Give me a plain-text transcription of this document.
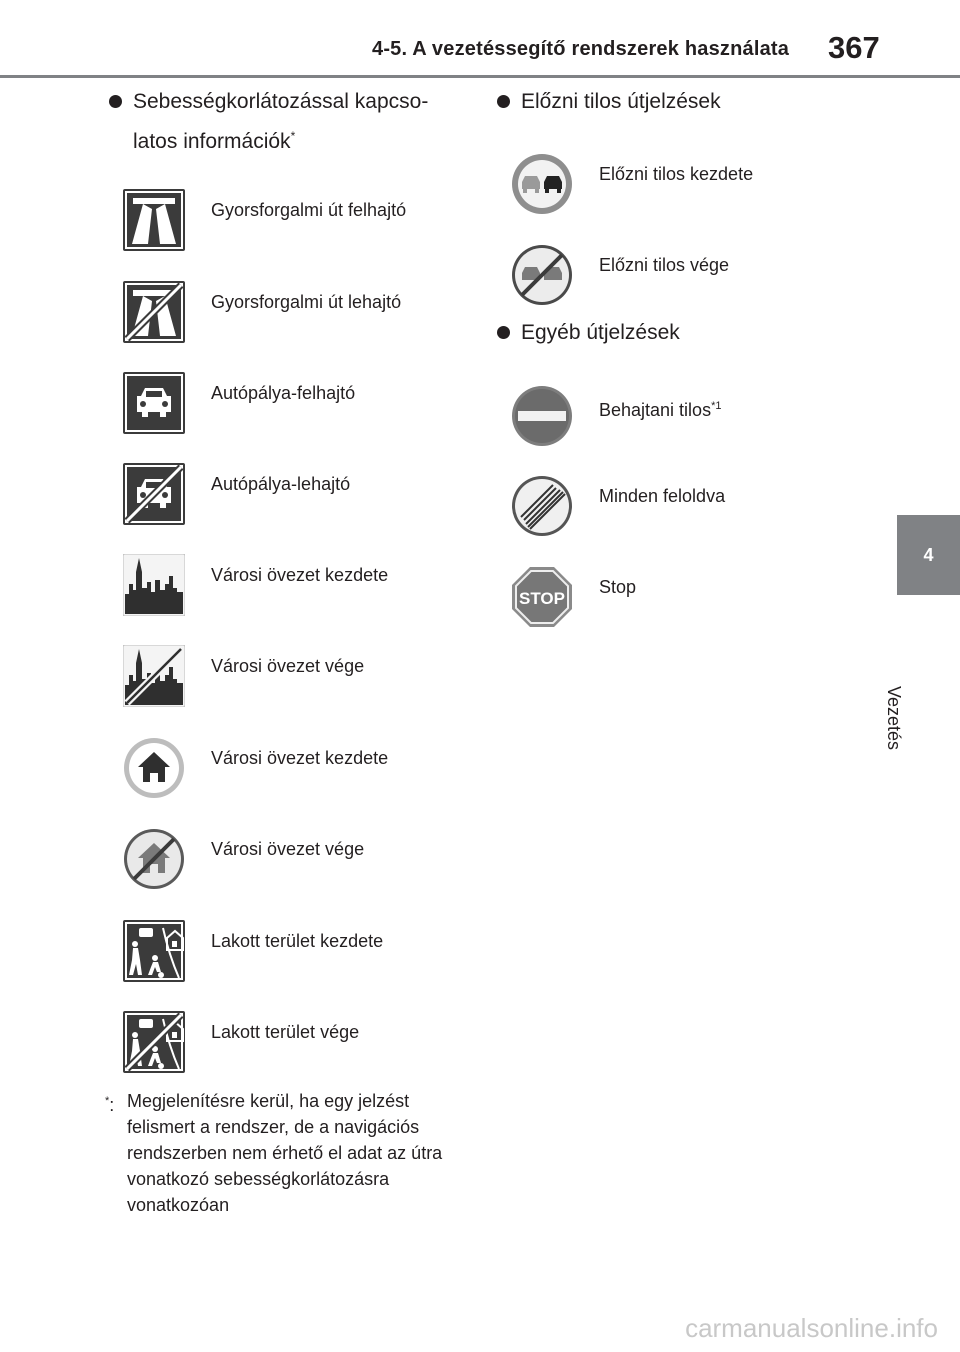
4-5. A vezetéssegítő rendszerek használata 367
4
Vezetés
Sebességkorlátozással kapcso-
latos információk*
Gyorsforgalmi út felhajtó
Gyorsforgalmi út lehajtó
Autópálya-felhajtó
Autópálya-lehajtó
Városi övezet kezdete
Városi övezet vége
Városi övezet kezdete
Városi övezet vége
Lakott terület kezdete
Lakott terület vége
*: Megjelenítésre kerül, ha egy jelzést felismert a rendszer, de a navigációs rendszerben nem érhető el adat az útra vonatkozó sebességkorlátozásra vonatkozóan
Előzni tilos útjelzések
Előzni tilos kezdete
Előzni tilos vége
Egyéb útjelzések
Behajtani tilos$^{*1}$
Minden feloldva
STOP
Stop
carmanualsonline.info
